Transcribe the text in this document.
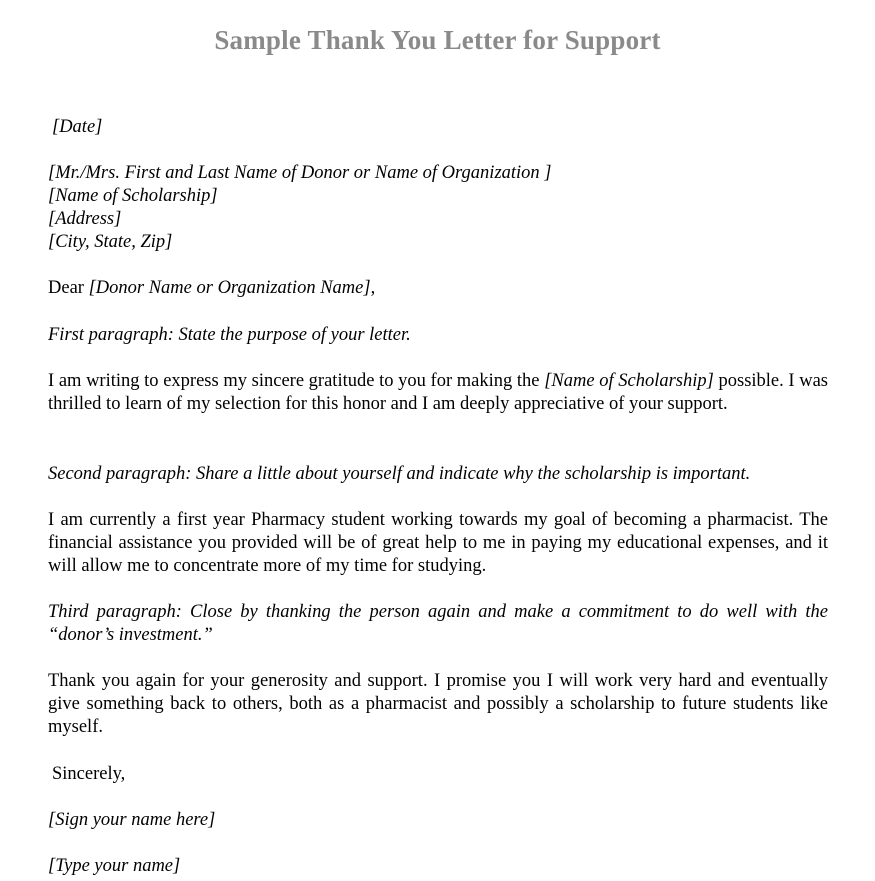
Sample Thank You Letter for Support
[Date]
[Mr./Mrs. First and Last Name of Donor or Name of Organization ]
[Name of Scholarship]
[Address]
[City, State, Zip]
Dear [Donor Name or Organization Name],
First paragraph: State the purpose of your letter.
I am writing to express my sincere gratitude to you for making the [Name of Scholarship] possible. I was thrilled to learn of my selection for this honor and I am deeply appreciative of your support.
Second paragraph: Share a little about yourself and indicate why the scholarship is important.
I am currently a first year Pharmacy student working towards my goal of becoming a pharmacist. The financial assistance you provided will be of great help to me in paying my educational expenses, and it will allow me to concentrate more of my time for studying.
Third paragraph: Close by thanking the person again and make a commitment to do well with the “donor’s investment.”
Thank you again for your generosity and support. I promise you I will work very hard and eventually give something back to others, both as a pharmacist and possibly a scholarship to future students like myself.
Sincerely,
[Sign your name here]
[Type your name]
